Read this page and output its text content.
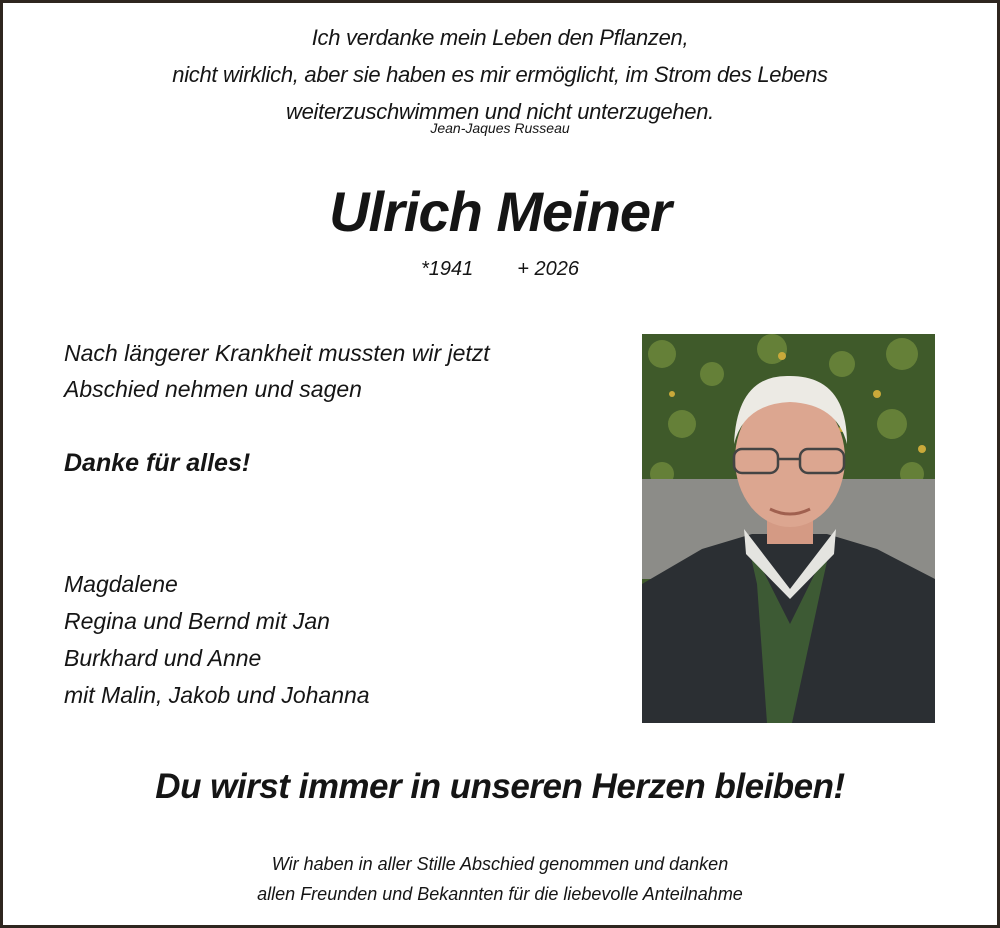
Ich verdanke mein Leben den Pflanzen,
nicht wirklich, aber sie haben es mir ermöglicht, im Strom des Lebens
weiterzuschwimmen und nicht unterzugehen.
Jean-Jaques Russeau
Ulrich Meiner
*1941 + 2026
Nach längerer Krankheit mussten wir jetzt
Abschied nehmen und sagen
Danke für alles!
Magdalene
Regina und Bernd mit Jan
Burkhard und Anne
mit Malin, Jakob und Johanna
Du wirst immer in unseren Herzen bleiben!
Wir haben in aller Stille Abschied genommen und danken
allen Freunden und Bekannten für die liebevolle Anteilnahme
